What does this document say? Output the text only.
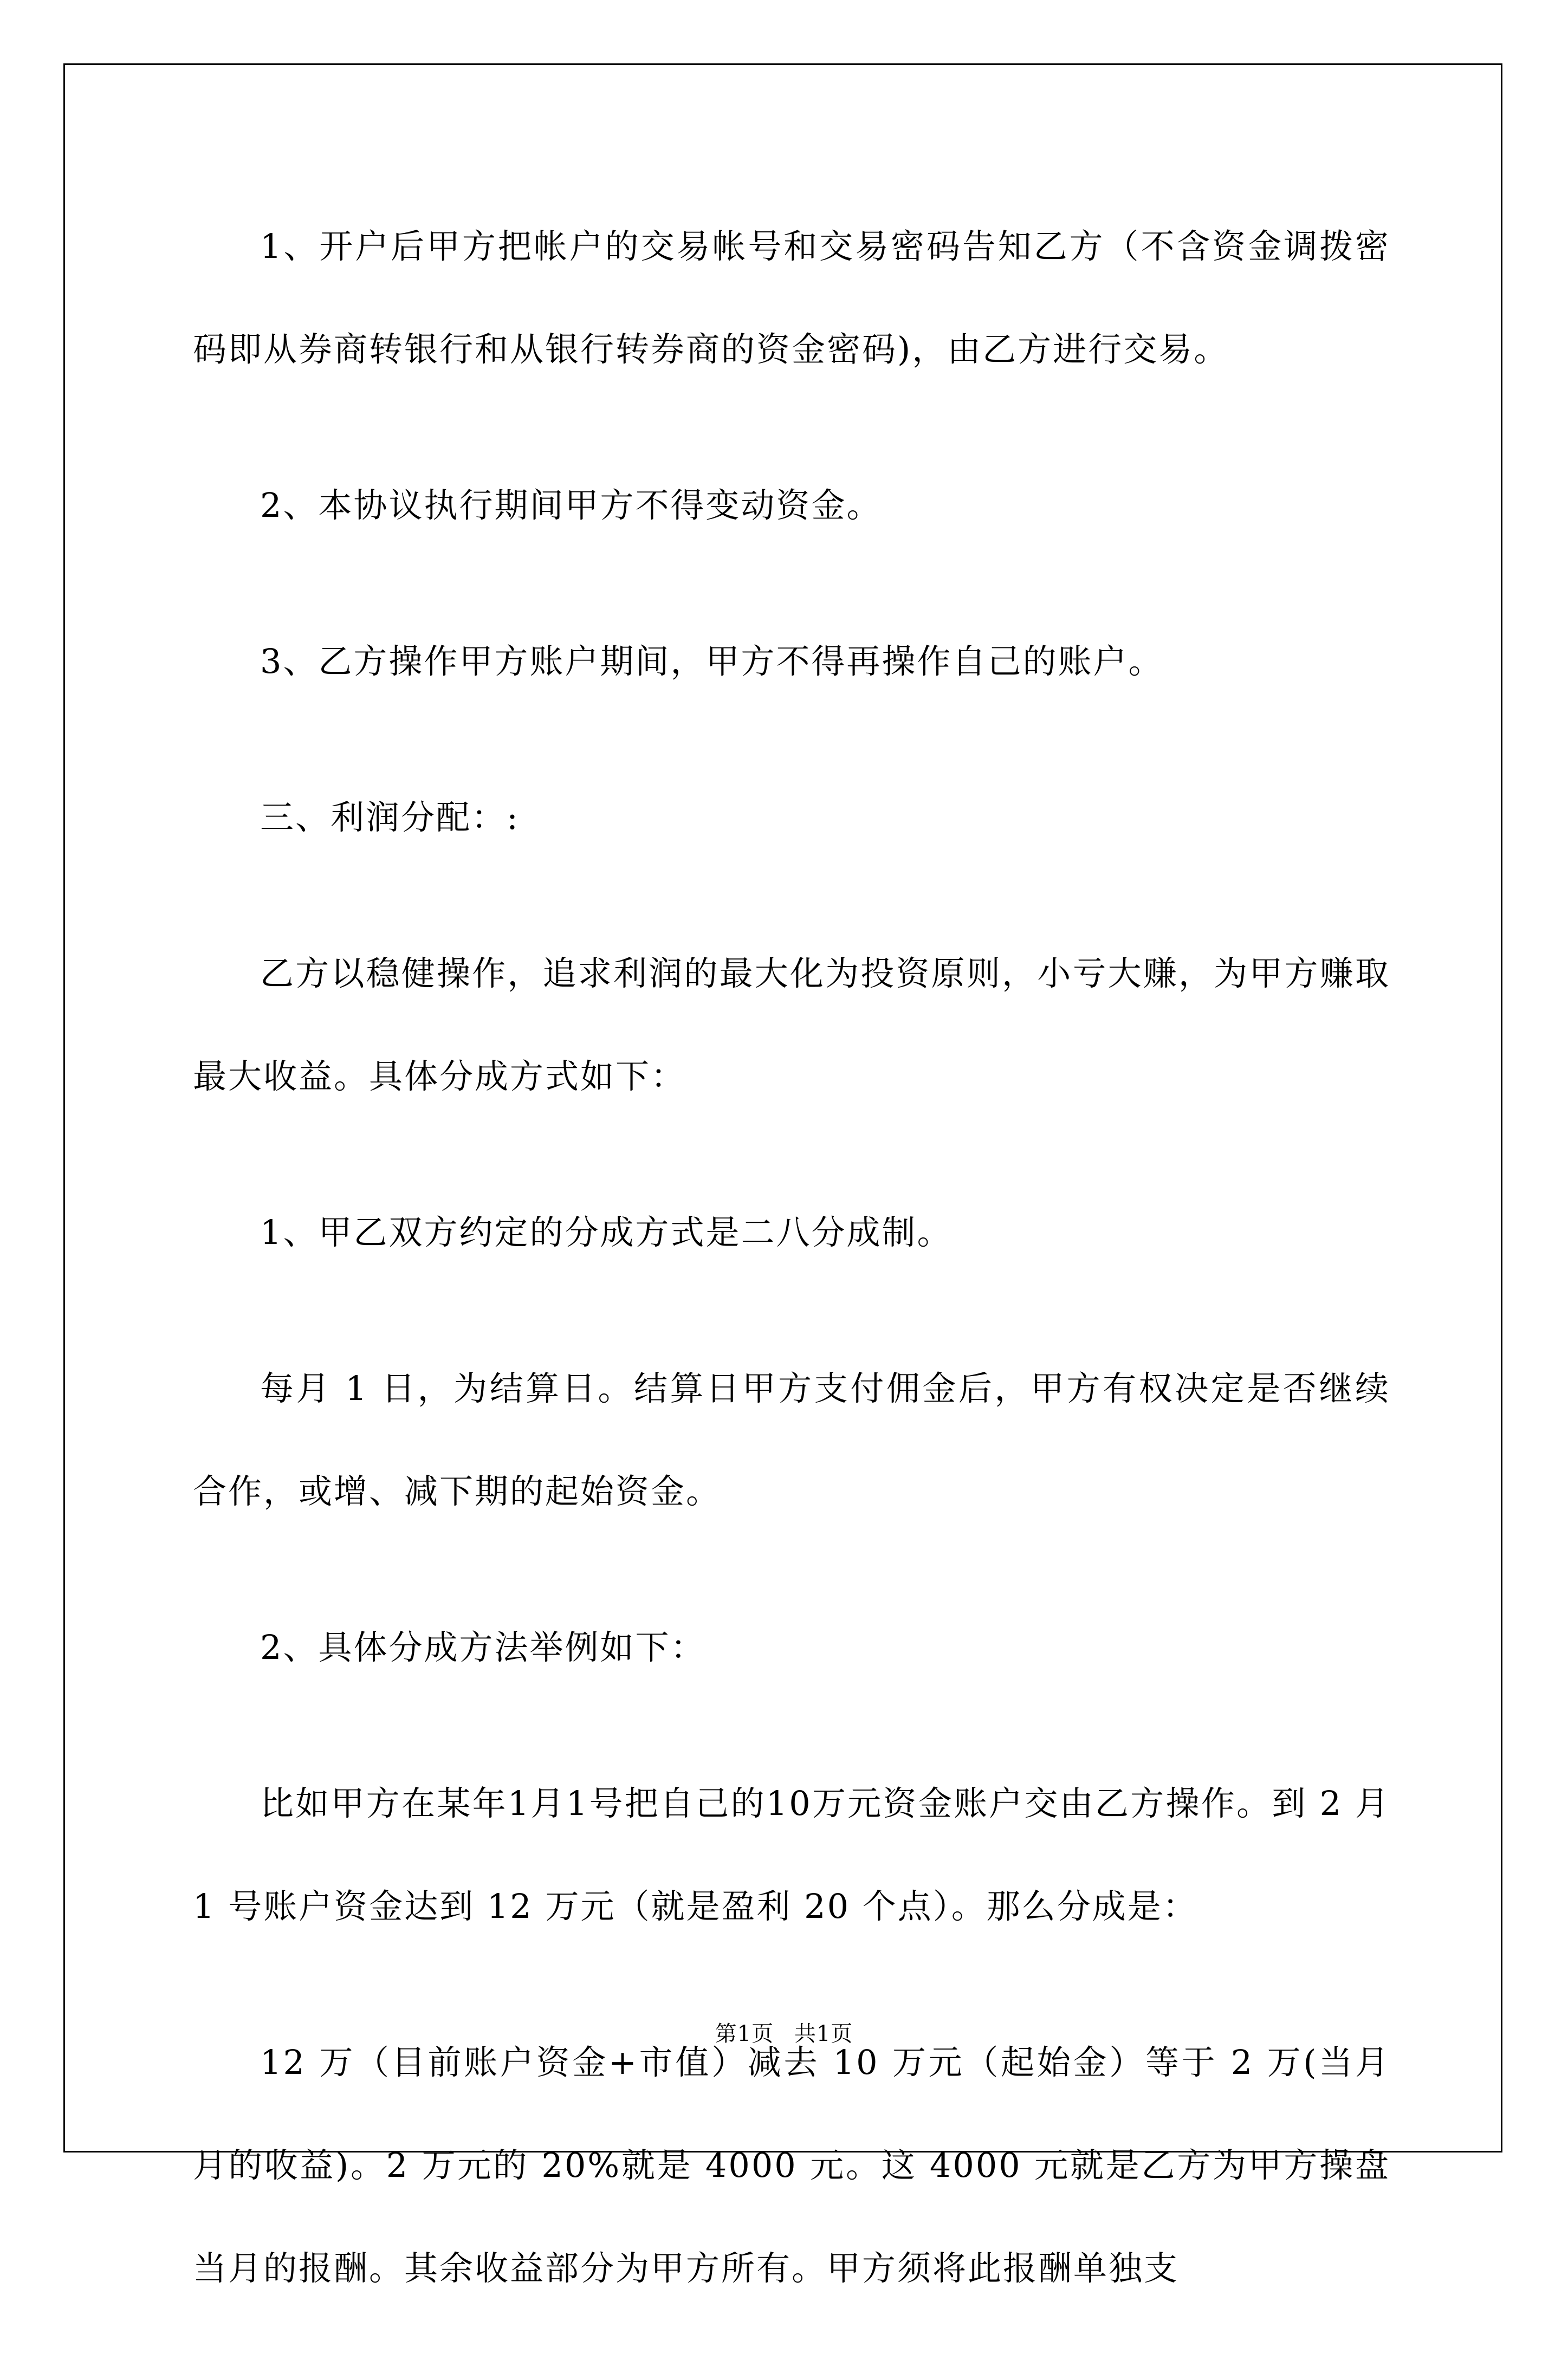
1、开户后甲方把帐户的交易帐号和交易密码告知乙方（不含资金调拨密码即从券商转银行和从银行转券商的资金密码)，由乙方进行交易。

2、本协议执行期间甲方不得变动资金。

3、乙方操作甲方账户期间，甲方不得再操作自己的账户。

三、利润分配：:

乙方以稳健操作，追求利润的最大化为投资原则，小亏大赚，为甲方赚取最大收益。具体分成方式如下：

1、甲乙双方约定的分成方式是二八分成制。

每月 1 日，为结算日。结算日甲方支付佣金后，甲方有权决定是否继续合作，或增、减下期的起始资金。

2、具体分成方法举例如下：

比如甲方在某年1月1号把自己的10万元资金账户交由乙方操作。到 2 月 1 号账户资金达到 12 万元（就是盈利 20 个点）。那么分成是：

12 万（目前账户资金+市值）减去 10 万元（起始金）等于 2 万(当月月的收益)。2 万元的 20%就是 4000 元。这 4000 元就是乙方为甲方操盘当月的报酬。其余收益部分为甲方所有。甲方须将此报酬单独支

第1页 共1页
